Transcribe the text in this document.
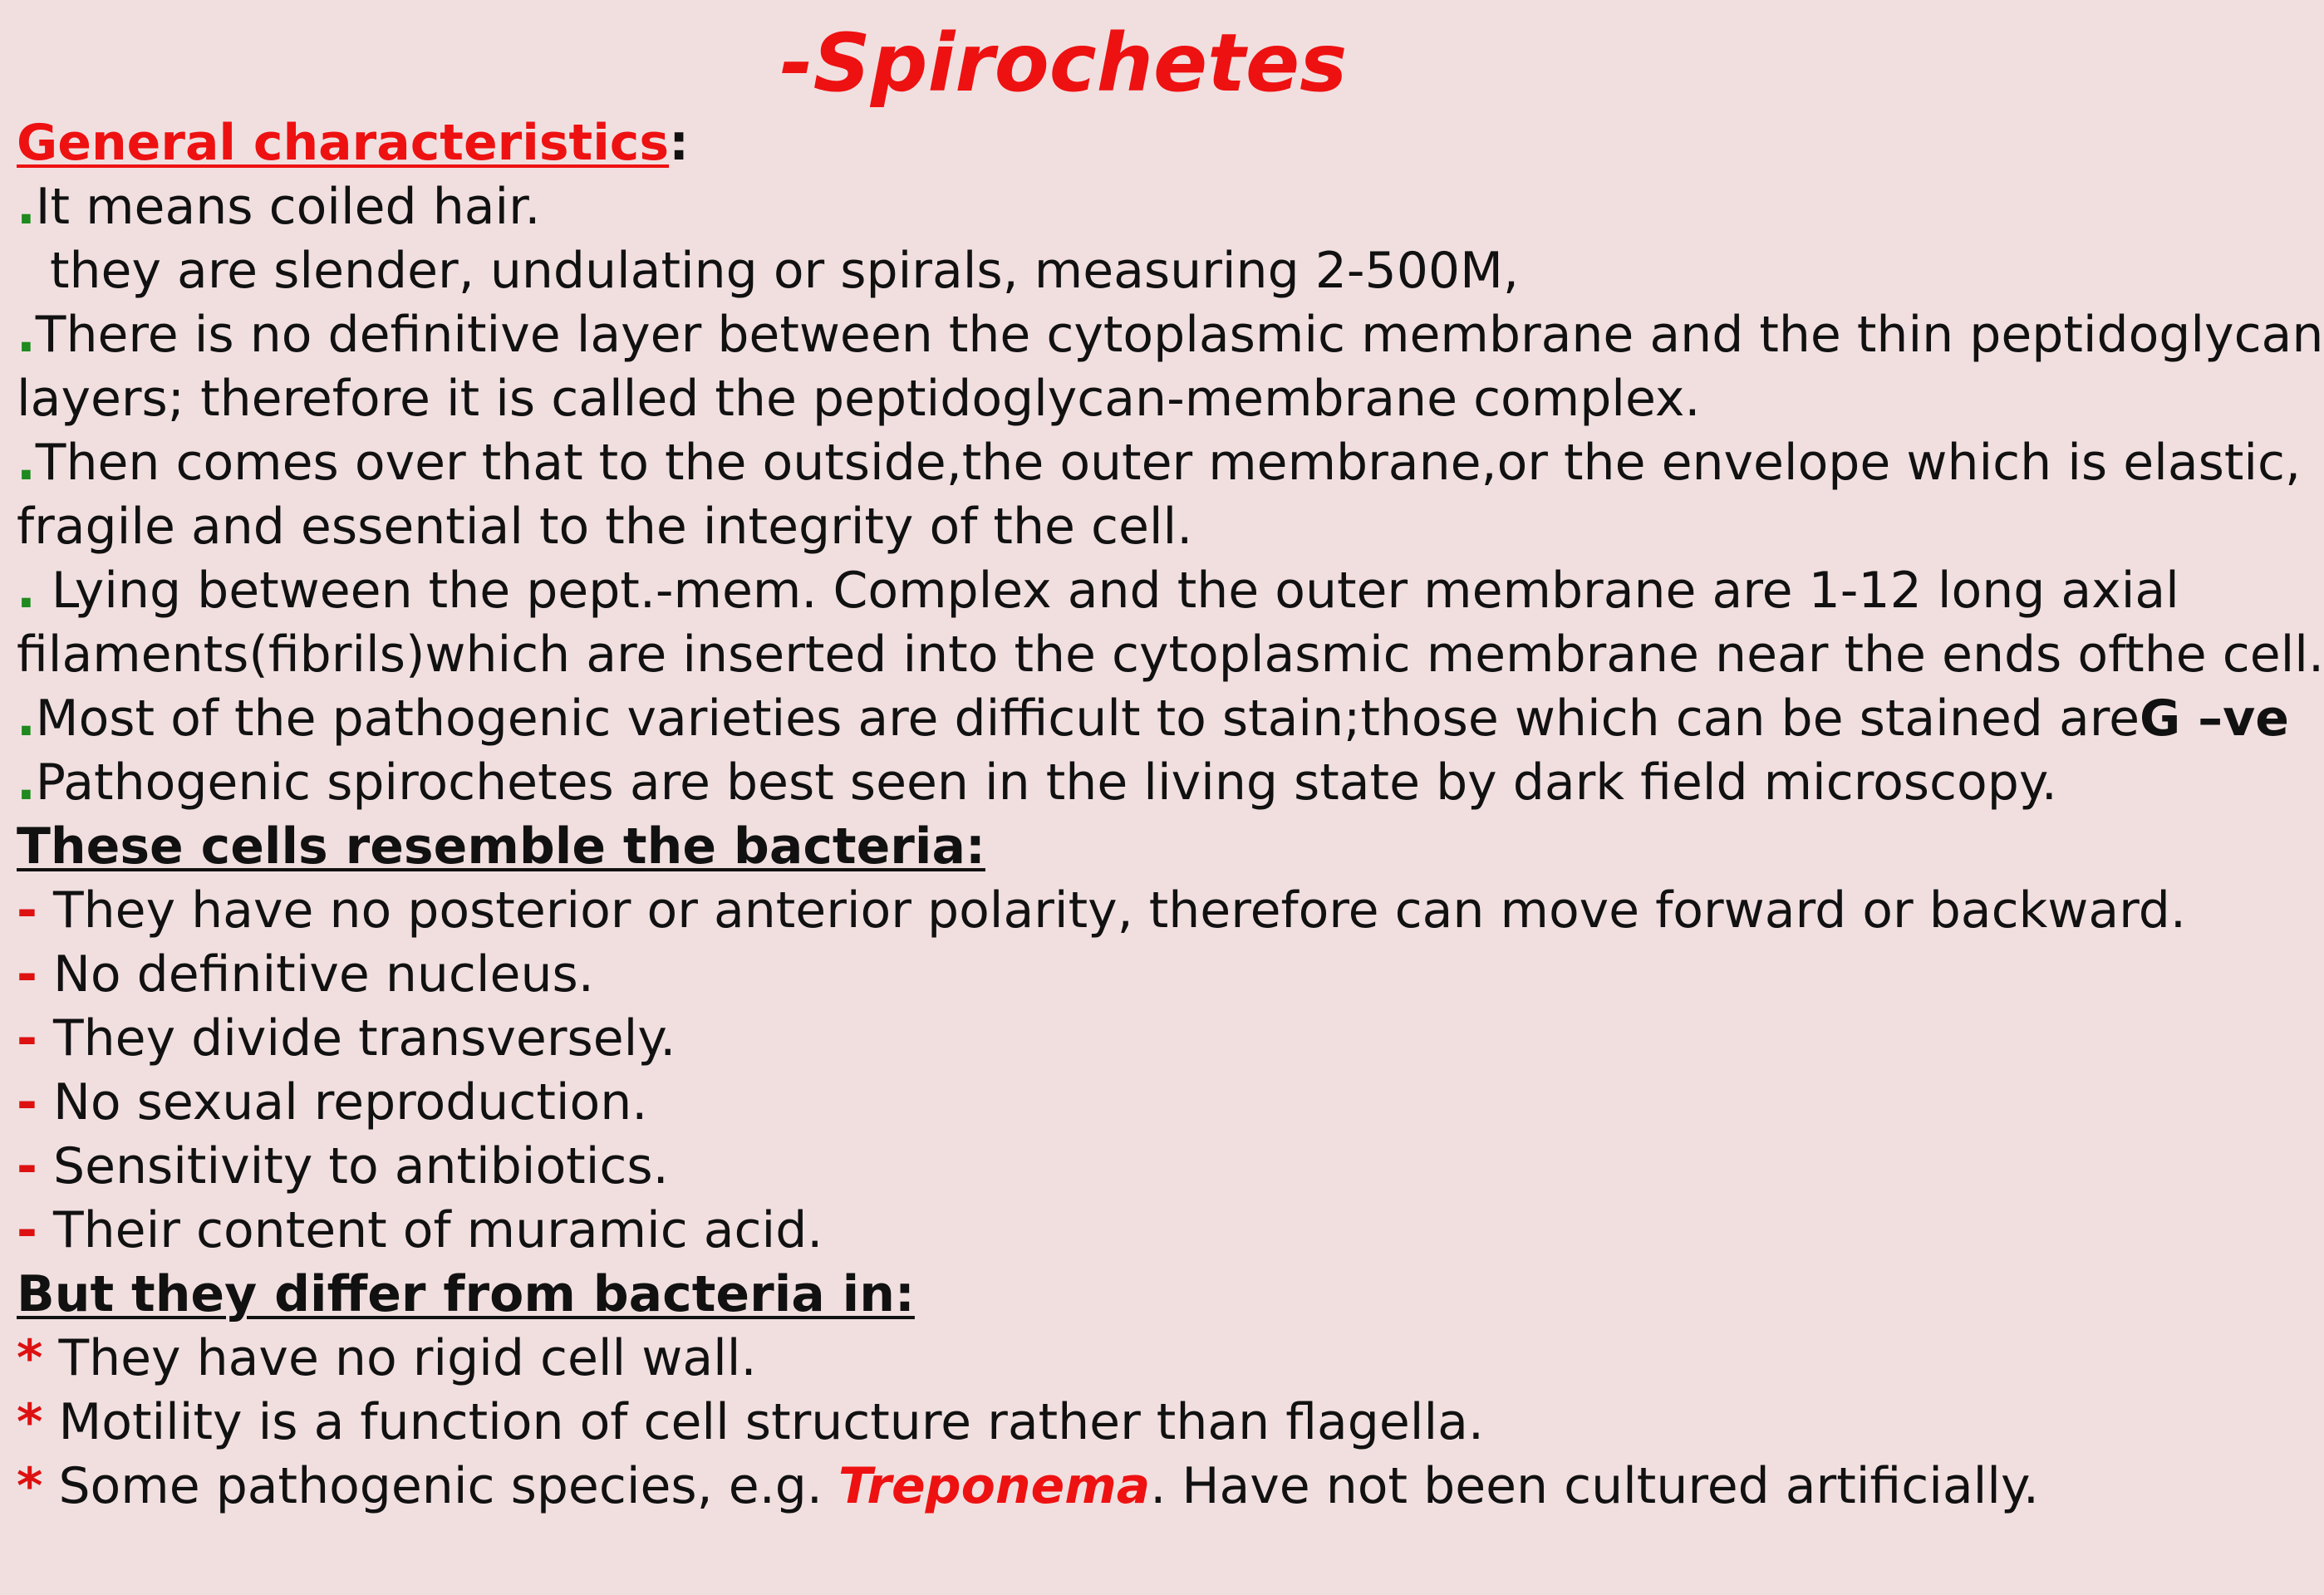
-Spirochetes
General characteristics:
.It means coiled hair.
they are slender, undulating or spirals, measuring 2-500M,
.There is no definitive layer between the cytoplasmic membrane and the thin peptidoglycan
layers; therefore it is called the peptidoglycan-membrane complex.
.Then comes over that to the outside,the outer membrane,or the envelope which is elastic,
fragile and essential to the integrity of the cell.
. Lying between the pept.-mem. Complex and the outer membrane are 1-12 long axial
filaments(fibrils)which are inserted into the cytoplasmic membrane near the ends ofthe cell.
.Most of the pathogenic varieties are difficult to stain;those which can be stained areG –ve
.Pathogenic spirochetes are best seen in the living state by dark field microscopy.
These cells resemble the bacteria:
- They have no posterior or anterior polarity, therefore can move forward or backward.
- No definitive nucleus.
- They divide transversely.
- No sexual reproduction.
- Sensitivity to antibiotics.
- Their content of muramic acid.
But they differ from bacteria in:
* They have no rigid cell wall.
* Motility is a function of cell structure rather than flagella.
* Some pathogenic species, e.g. Treponema. Have not been cultured artificially.
